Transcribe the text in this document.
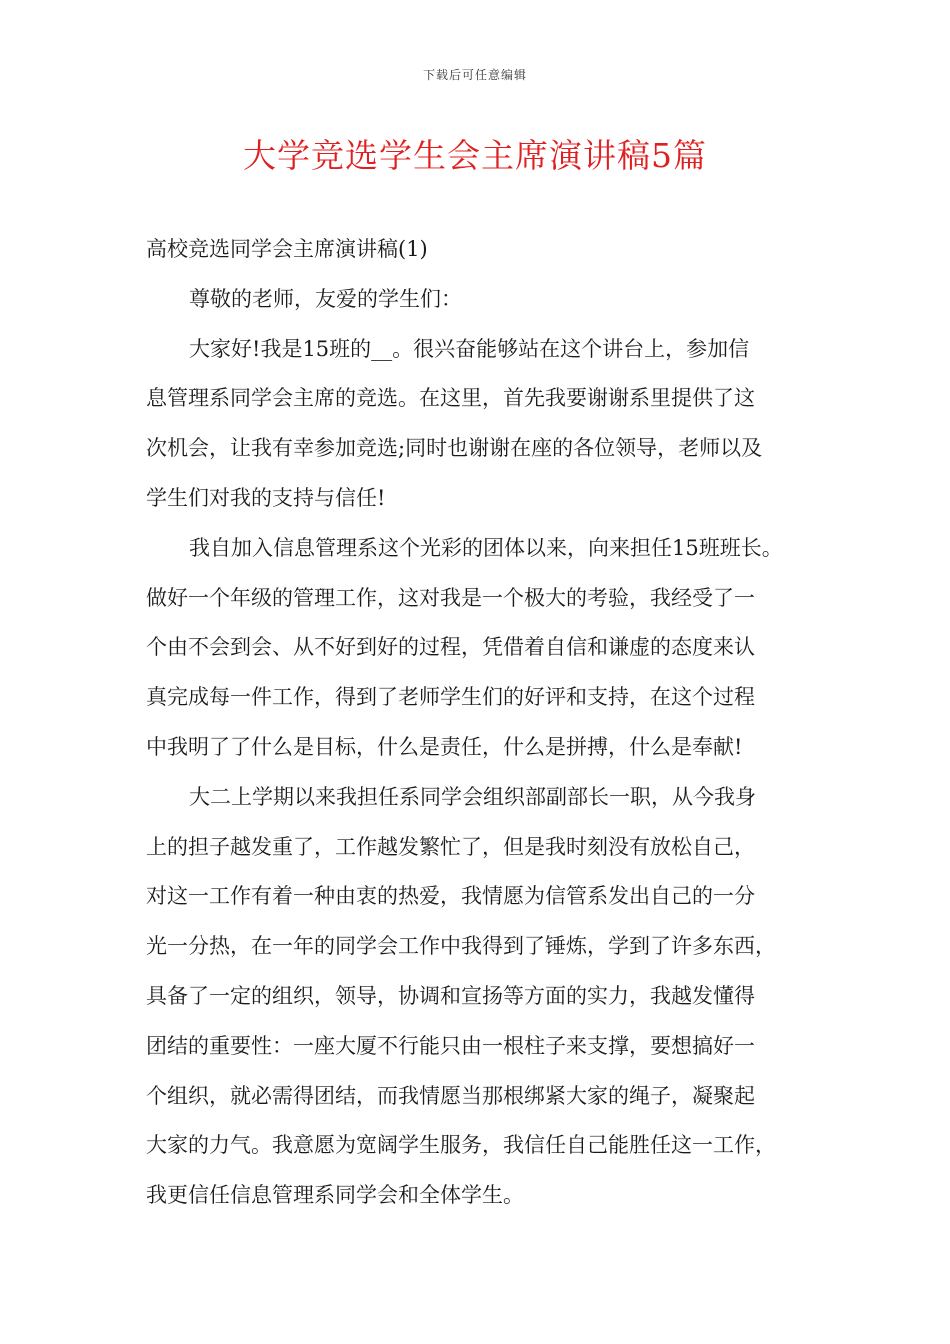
下载后可任意编辑
大学竞选学生会主席演讲稿5篇
高校竞选同学会主席演讲稿(1)
尊敬的老师，友爱的学生们：
大家好!我是15班的__。很兴奋能够站在这个讲台上，参加信
息管理系同学会主席的竞选。在这里，首先我要谢谢系里提供了这
次机会，让我有幸参加竞选;同时也谢谢在座的各位领导，老师以及
学生们对我的支持与信任!
我自加入信息管理系这个光彩的团体以来，向来担任15班班长。
做好一个年级的管理工作，这对我是一个极大的考验，我经受了一
个由不会到会、从不好到好的过程，凭借着自信和谦虚的态度来认
真完成每一件工作，得到了老师学生们的好评和支持，在这个过程
中我明了了什么是目标，什么是责任，什么是拼搏，什么是奉献!
大二上学期以来我担任系同学会组织部副部长一职，从今我身
上的担子越发重了，工作越发繁忙了，但是我时刻没有放松自己，
对这一工作有着一种由衷的热爱，我情愿为信管系发出自己的一分
光一分热，在一年的同学会工作中我得到了锤炼，学到了许多东西，
具备了一定的组织，领导，协调和宣扬等方面的实力，我越发懂得
团结的重要性：一座大厦不行能只由一根柱子来支撑，要想搞好一
个组织，就必需得团结，而我情愿当那根绑紧大家的绳子，凝聚起
大家的力气。我意愿为宽阔学生服务，我信任自己能胜任这一工作，
我更信任信息管理系同学会和全体学生。
